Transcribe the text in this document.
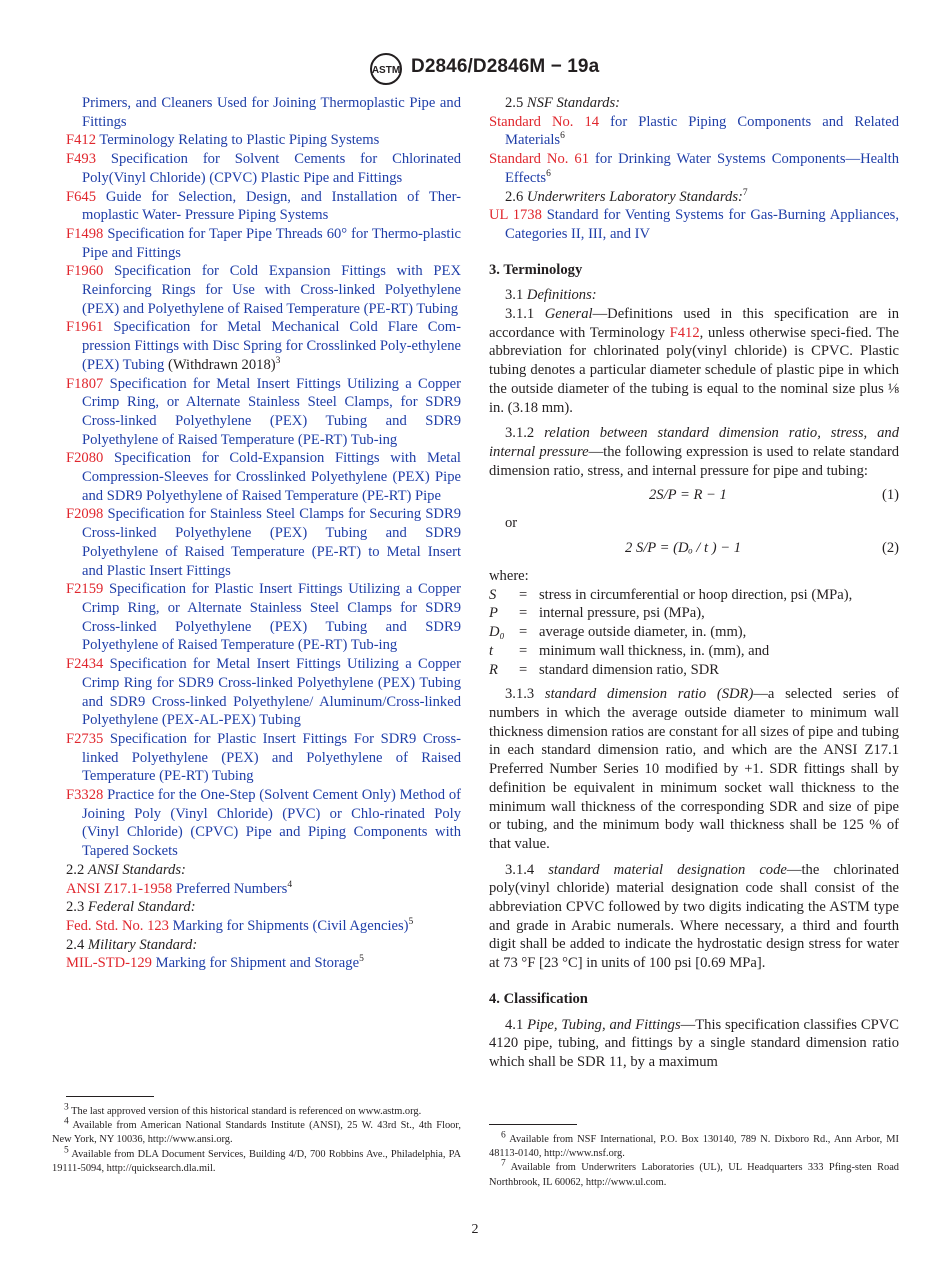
ASTM D2846/D2846M − 19a
Primers, and Cleaners Used for Joining Thermoplastic Pipe and Fittings
F412 Terminology Relating to Plastic Piping Systems
F493 Specification for Solvent Cements for Chlorinated Poly(Vinyl Chloride) (CPVC) Plastic Pipe and Fittings
F645 Guide for Selection, Design, and Installation of Ther-moplastic Water- Pressure Piping Systems
F1498 Specification for Taper Pipe Threads 60° for Thermo-plastic Pipe and Fittings
F1960 Specification for Cold Expansion Fittings with PEX Reinforcing Rings for Use with Cross-linked Polyethylene (PEX) and Polyethylene of Raised Temperature (PE-RT) Tubing
F1961 Specification for Metal Mechanical Cold Flare Com-pression Fittings with Disc Spring for Crosslinked Poly-ethylene (PEX) Tubing (Withdrawn 2018)$^3$
F1807 Specification for Metal Insert Fittings Utilizing a Copper Crimp Ring, or Alternate Stainless Steel Clamps, for SDR9 Cross-linked Polyethylene (PEX) Tubing and SDR9 Polyethylene of Raised Temperature (PE-RT) Tub-ing
F2080 Specification for Cold-Expansion Fittings with Metal Compression-Sleeves for Crosslinked Polyethylene (PEX) Pipe and SDR9 Polyethylene of Raised Temperature (PE-RT) Pipe
F2098 Specification for Stainless Steel Clamps for Securing SDR9 Cross-linked Polyethylene (PEX) Tubing and SDR9 Polyethylene of Raised Temperature (PE-RT) to Metal Insert and Plastic Insert Fittings
F2159 Specification for Plastic Insert Fittings Utilizing a Copper Crimp Ring, or Alternate Stainless Steel Clamps for SDR9 Cross-linked Polyethylene (PEX) Tubing and SDR9 Polyethylene of Raised Temperature (PE-RT) Tub-ing
F2434 Specification for Metal Insert Fittings Utilizing a Copper Crimp Ring for SDR9 Cross-linked Polyethylene (PEX) Tubing and SDR9 Cross-linked Polyethylene/ Aluminum/Cross-linked Polyethylene (PEX-AL-PEX) Tubing
F2735 Specification for Plastic Insert Fittings For SDR9 Cross-linked Polyethylene (PEX) and Polyethylene of Raised Temperature (PE-RT) Tubing
F3328 Practice for the One-Step (Solvent Cement Only) Method of Joining Poly (Vinyl Chloride) (PVC) or Chlo-rinated Poly (Vinyl Chloride) (CPVC) Pipe and Piping Components with Tapered Sockets
2.2 ANSI Standards:
ANSI Z17.1-1958 Preferred Numbers$^4$
2.3 Federal Standard:
Fed. Std. No. 123 Marking for Shipments (Civil Agencies)$^5$
2.4 Military Standard:
MIL-STD-129 Marking for Shipment and Storage$^5$
2.5 NSF Standards:
Standard No. 14 for Plastic Piping Components and Related Materials$^6$
Standard No. 61 for Drinking Water Systems Components—Health Effects$^6$
2.6 Underwriters Laboratory Standards:$^7$
UL 1738 Standard for Venting Systems for Gas-Burning Appliances, Categories II, III, and IV

3. Terminology

3.1 Definitions:

3.1.1 General—Definitions used in this specification are in accordance with Terminology F412, unless otherwise speci-fied. The abbreviation for chlorinated poly(vinyl chloride) is CPVC. Plastic tubing denotes a particular diameter schedule of plastic pipe in which the outside diameter of the tubing is equal to the nominal size plus ⅛ in. (3.18 mm).

3.1.2 relation between standard dimension ratio, stress, and internal pressure—the following expression is used to relate standard dimension ratio, stress, and internal pressure for pipe and tubing:

2S/P = R − 1	(1)

or

2 S/P = (Dₒ / t ) − 1	(2)

where:

S	= stress in circumferential or hoop direction, psi (MPa),
P	= internal pressure, psi (MPa),
D₀ = average outside diameter, in. (mm),
t	= minimum wall thickness, in. (mm), and
R	= standard dimension ratio, SDR

3.1.3 standard dimension ratio (SDR)—a selected series of numbers in which the average outside diameter to minimum wall thickness dimension ratios are constant for all sizes of pipe and tubing in each standard dimension ratio, and which are the ANSI Z17.1 Preferred Number Series 10 modified by +1. SDR fittings shall by definition be equivalent in minimum socket wall thickness to the minimum wall thickness of the corresponding SDR and size of pipe or tubing, and the minimum body wall thickness shall be 125 % of that value.

3.1.4 standard material designation code—the chlorinated poly(vinyl chloride) material designation code shall consist of the abbreviation CPVC followed by two digits indicating the ASTM type and grade in Arabic numerals. Where necessary, a third and fourth digit shall be added to indicate the hydrostatic design stress for water at 73 °F [23 °C] in units of 100 psi [0.69 MPa].

4. Classification

4.1 Pipe, Tubing, and Fittings—This specification classifies CPVC 4120 pipe, tubing, and fittings by a single standard dimension ratio which shall be SDR 11, by a maximum

$^3$ The last approved version of this historical standard is referenced on www.astm.org.

$^4$ Available from American National Standards Institute (ANSI), 25 W. 43rd St., 4th Floor, New York, NY 10036, http://www.ansi.org.

$^5$ Available from DLA Document Services, Building 4/D, 700 Robbins Ave., Philadelphia, PA 19111-5094, http://quicksearch.dla.mil.

$^6$ Available from NSF International, P.O. Box 130140, 789 N. Dixboro Rd., Ann Arbor, MI 48113-0140, http://www.nsf.org.

$^7$ Available from Underwriters Laboratories (UL), UL Headquarters 333 Pfing-sten Road Northbrook, IL 60062, http://www.ul.com.

2
